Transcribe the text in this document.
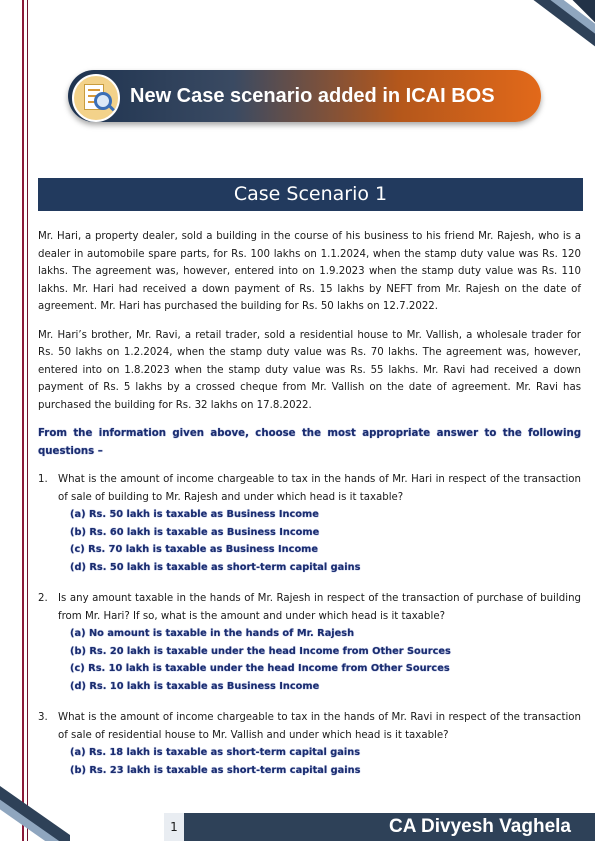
New Case scenario added in ICAI BOS
Case Scenario 1

Mr. Hari, a property dealer, sold a building in the course of his business to his friend Mr. Rajesh, who is a dealer in automobile spare parts, for Rs. 100 lakhs on 1.1.2024, when the stamp duty value was Rs. 120 lakhs. The agreement was, however, entered into on 1.9.2023 when the stamp duty value was Rs. 110 lakhs. Mr. Hari had received a down payment of Rs. 15 lakhs by NEFT from Mr. Rajesh on the date of agreement. Mr. Hari has purchased the building for Rs. 50 lakhs on 12.7.2022.

Mr. Hari’s brother, Mr. Ravi, a retail trader, sold a residential house to Mr. Vallish, a wholesale trader for Rs. 50 lakhs on 1.2.2024, when the stamp duty value was Rs. 70 lakhs. The agreement was, however, entered into on 1.8.2023 when the stamp duty value was Rs. 55 lakhs. Mr. Ravi had received a down payment of Rs. 5 lakhs by a crossed cheque from Mr. Vallish on the date of agreement. Mr. Ravi has purchased the building for Rs. 32 lakhs on 17.8.2022.

From the information given above, choose the most appropriate answer to the following questions –

1.	What is the amount of income chargeable to tax in the hands of Mr. Hari in respect of the transaction of sale of building to Mr. Rajesh and under which head is it taxable?
(a) Rs. 50 lakh is taxable as Business Income
(b) Rs. 60 lakh is taxable as Business Income
(c) Rs. 70 lakh is taxable as Business Income
(d) Rs. 50 lakh is taxable as short-term capital gains
2.	Is any amount taxable in the hands of Mr. Rajesh in respect of the transaction of purchase of building from Mr. Hari? If so, what is the amount and under which head is it taxable?
(a) No amount is taxable in the hands of Mr. Rajesh
(b) Rs. 20 lakh is taxable under the head Income from Other Sources
(c) Rs. 10 lakh is taxable under the head Income from Other Sources
(d) Rs. 10 lakh is taxable as Business Income
3.	What is the amount of income chargeable to tax in the hands of Mr. Ravi in respect of the transaction of sale of residential house to Mr. Vallish and under which head is it taxable?
(a) Rs. 18 lakh is taxable as short-term capital gains
(b) Rs. 23 lakh is taxable as short-term capital gains
1	CA Divyesh Vaghela
